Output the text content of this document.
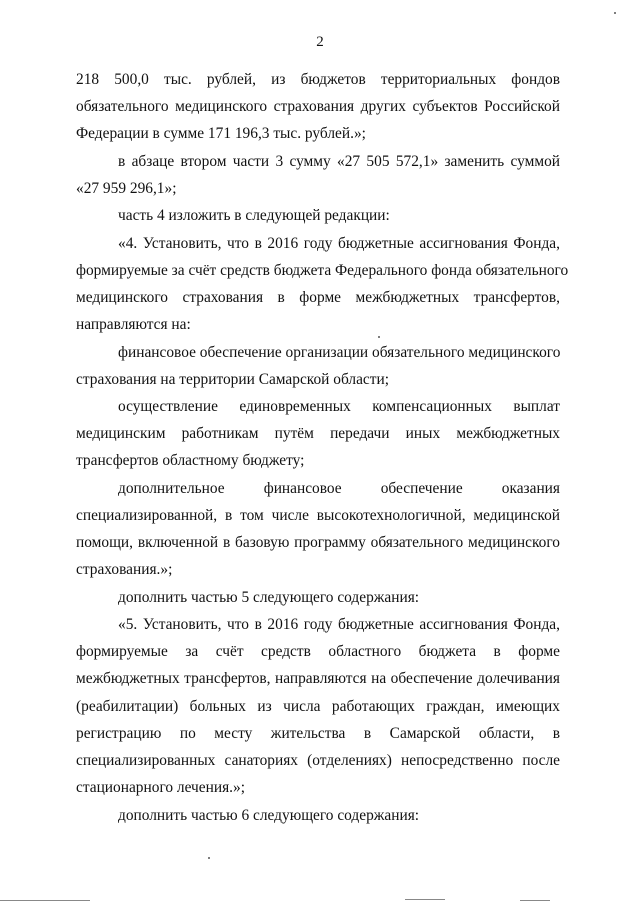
2
218 500,0 тыс. рублей, из бюджетов территориальных фондов
обязательного медицинского страхования других субъектов Российской
Федерации в сумме 171 196,3 тыс. рублей.»;
в абзаце втором части 3 сумму «27 505 572,1» заменить суммой
«27 959 296,1»;
часть 4 изложить в следующей редакции:
«4. Установить, что в 2016 году бюджетные ассигнования Фонда,
формируемые за счёт средств бюджета Федерального фонда обязательного
медицинского страхования в форме межбюджетных трансфертов,
направляются на:
финансовое обеспечение организации обязательного медицинского
страхования на территории Самарской области;
осуществление единовременных компенсационных выплат
медицинским работникам путём передачи иных межбюджетных
трансфертов областному бюджету;
дополнительное финансовое обеспечение оказания
специализированной, в том числе высокотехнологичной, медицинской
помощи, включенной в базовую программу обязательного медицинского
страхования.»;
дополнить частью 5 следующего содержания:
«5. Установить, что в 2016 году бюджетные ассигнования Фонда,
формируемые за счёт средств областного бюджета в форме
межбюджетных трансфертов, направляются на обеспечение долечивания
(реабилитации) больных из числа работающих граждан, имеющих
регистрацию по месту жительства в Самарской области, в
специализированных санаториях (отделениях) непосредственно после
стационарного лечения.»;
дополнить частью 6 следующего содержания:
